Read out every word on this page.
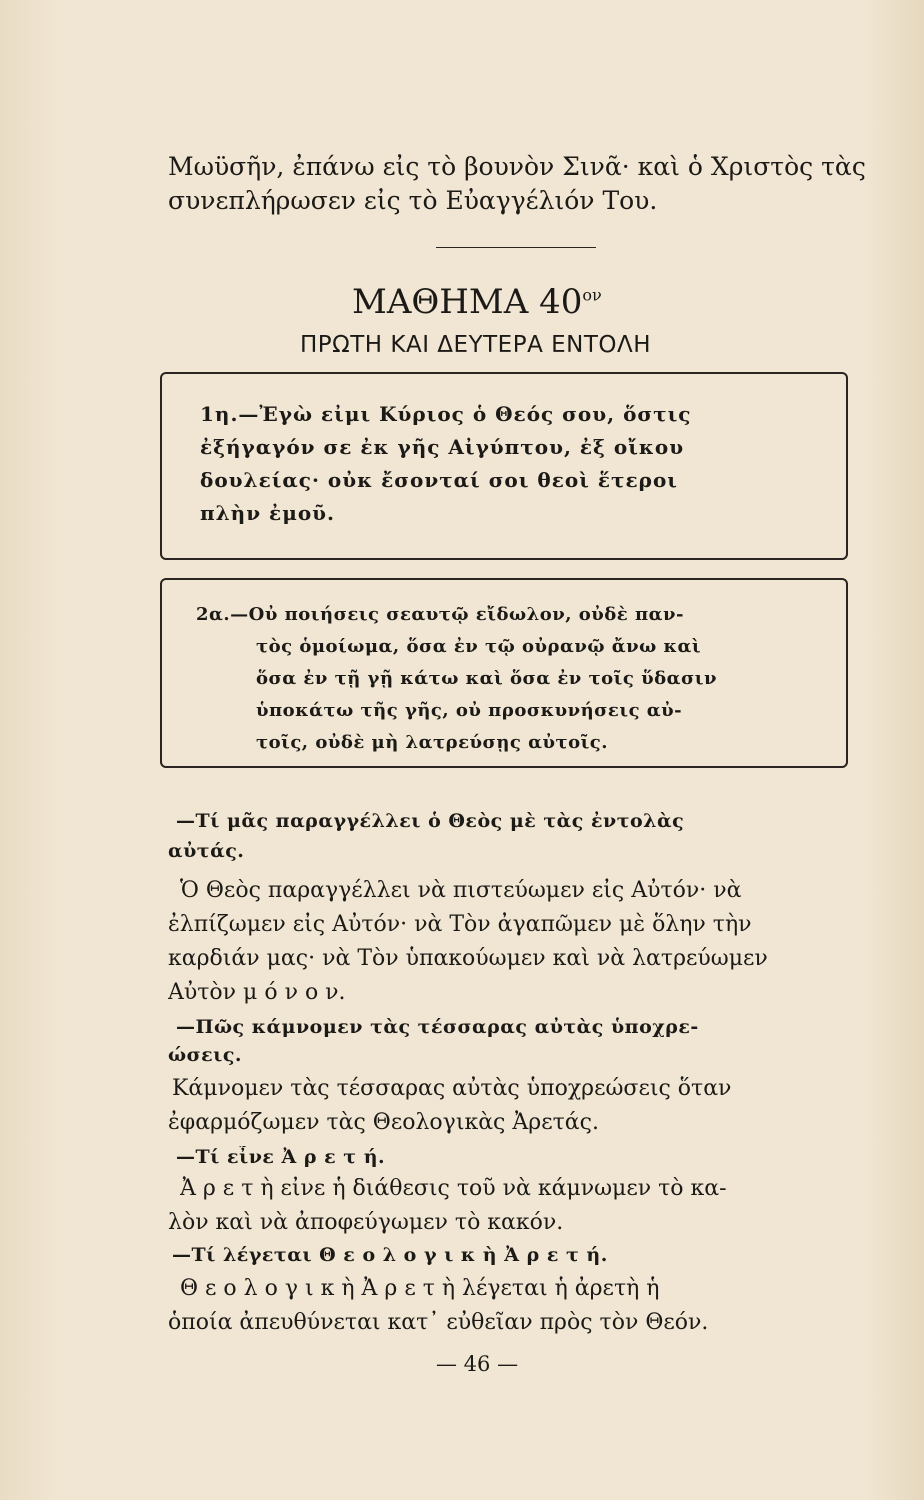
Μωϋσῆν, ἐπάνω εἰς τὸ βουνὸν Σινᾶ· καὶ ὁ Χριστὸς τὰς
συνεπλήρωσεν εἰς τὸ Εὐαγγέλιόν Του.
ΜΑΘΗΜΑ $40^{o\nu}$
ΠΡΩΤΗ ΚΑΙ ΔΕΥΤΕΡΑ ΕΝΤΟΛΗ
1η.—Ἐγὼ εἰμι Κύριος ὁ Θεός σου, ὅστις
ἐξήγαγόν σε ἐκ γῆς Αἰγύπτου, ἐξ οἴκου
δουλείας· οὐκ ἔσονταί σοι θεοὶ ἕτεροι
πλὴν ἐμοῦ.
2α.—Οὐ ποιήσεις σεαυτῷ εἴδωλον, οὐδὲ παν-
τὸς ὁμοίωμα, ὅσα ἐν τῷ οὐρανῷ ἄνω καὶ
ὅσα ἐν τῇ γῇ κάτω καὶ ὅσα ἐν τοῖς ὕδασιν
ὑποκάτω τῆς γῆς, οὐ προσκυνήσεις αὐ-
τοῖς, οὐδὲ μὴ λατρεύσῃς αὐτοῖς.
—Τί μᾶς παραγγέλλει ὁ Θεὸς μὲ τὰς ἐντολὰς
αὐτάς.
Ὁ Θεὸς παραγγέλλει νὰ πιστεύωμεν εἰς Αὐτόν· νὰ
ἐλπίζωμεν εἰς Αὐτόν· νὰ Τὸν ἀγαπῶμεν μὲ ὅλην τὴν
καρδιάν μας· νὰ Τὸν ὑπακούωμεν καὶ νὰ λατρεύωμεν
Αὐτὸν μ ό ν ο ν.
—Πῶς κάμνομεν τὰς τέσσαρας αὐτὰς ὑποχρε-
ώσεις.
Κάμνομεν τὰς τέσσαρας αὐτὰς ὑποχρεώσεις ὅταν
ἐφαρμόζωμεν τὰς Θεολογικὰς Ἀρετάς.
—Τί εἶνε Ἀ ρ ε τ ή.
Ἀ ρ ε τ ὴ εἶνε ἡ διάθεσις τοῦ νὰ κάμνωμεν τὸ κα-
λὸν καὶ νὰ ἀποφεύγωμεν τὸ κακόν.
—Τί λέγεται Θ ε ο λ ο γ ι κ ὴ Ἀ ρ ε τ ή.
Θ ε ο λ ο γ ι κ ὴ Ἀ ρ ε τ ὴ λέγεται ἡ ἀρετὴ ἡ
ὁποία ἀπευθύνεται κατ᾽ εὐθεῖαν πρὸς τὸν Θεόν.
— 46 —
